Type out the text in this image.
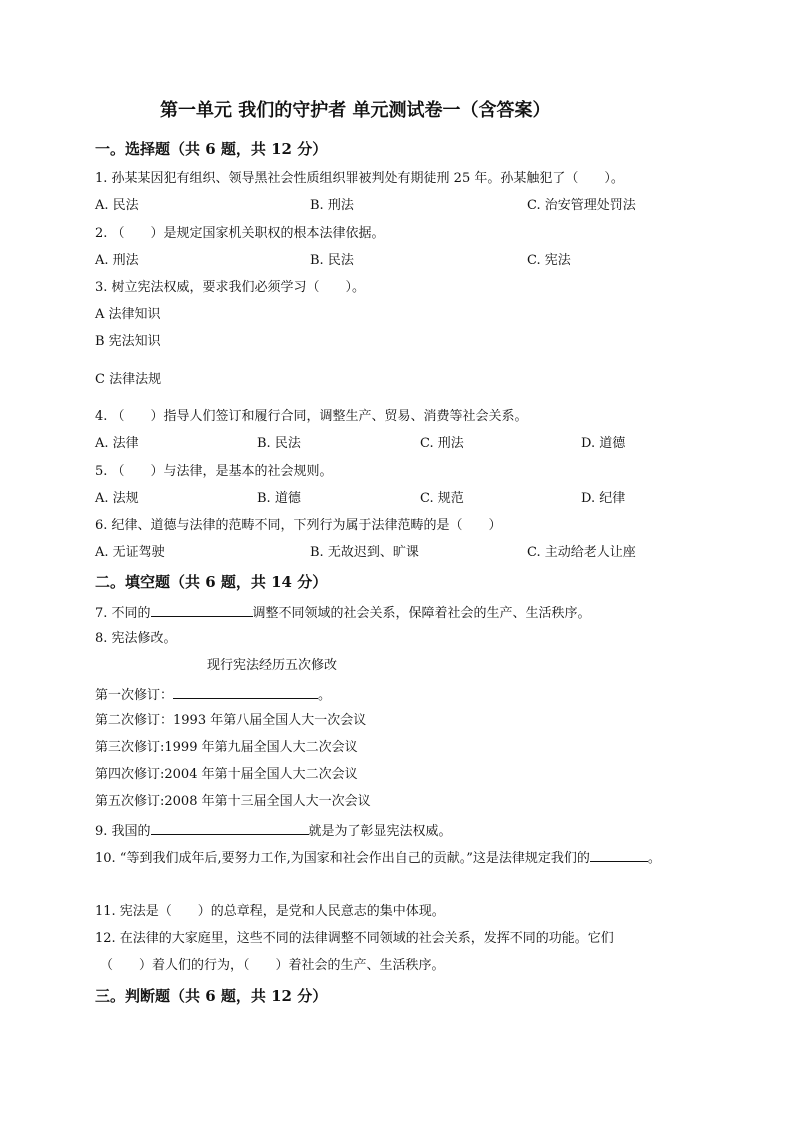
第一单元 我们的守护者 单元测试卷一（含答案）
一。选择题（共 6 题，共 12 分）
1. 孙某某因犯有组织、领导黑社会性质组织罪被判处有期徒刑 25 年。孙某触犯了（　　）。
A. 民法	B. 刑法	C. 治安管理处罚法
2. （　　）是规定国家机关职权的根本法律依据。
A. 刑法	B. 民法	C. 宪法
3. 树立宪法权威，要求我们必须学习（　　）。
A 法律知识
B 宪法知识
C 法律法规
4. （　　）指导人们签订和履行合同，调整生产、贸易、消费等社会关系。
A. 法律	B. 民法	C. 刑法	D. 道德
5. （　　）与法律，是基本的社会规则。
A. 法规	B. 道德	C. 规范	D. 纪律
6. 纪律、道德与法律的范畴不同，下列行为属于法律范畴的是（　　）
A. 无证驾驶	B. 无故迟到、旷课	C. 主动给老人让座
二。填空题（共 6 题，共 14 分）
7. 不同的	调整不同领域的社会关系，保障着社会的生产、生活秩序。
8. 宪法修改。
现行宪法经历五次修改
第一次修订：	。
第二次修订：1993 年第八届全国人大一次会议
第三次修订:1999 年第九届全国人大二次会议
第四次修订:2004 年第十届全国人大二次会议
第五次修订:2008 年第十三届全国人大一次会议
9. 我国的	就是为了彰显宪法权威。
10. “等到我们成年后,要努力工作,为国家和社会作出自己的贡献。”这是法律规定我们的	。
11. 宪法是（　　）的总章程，是党和人民意志的集中体现。
12. 在法律的大家庭里，这些不同的法律调整不同领域的社会关系，发挥不同的功能。它们
（　　）着人们的行为，（　　）着社会的生产、生活秩序。
三。判断题（共 6 题，共 12 分）
